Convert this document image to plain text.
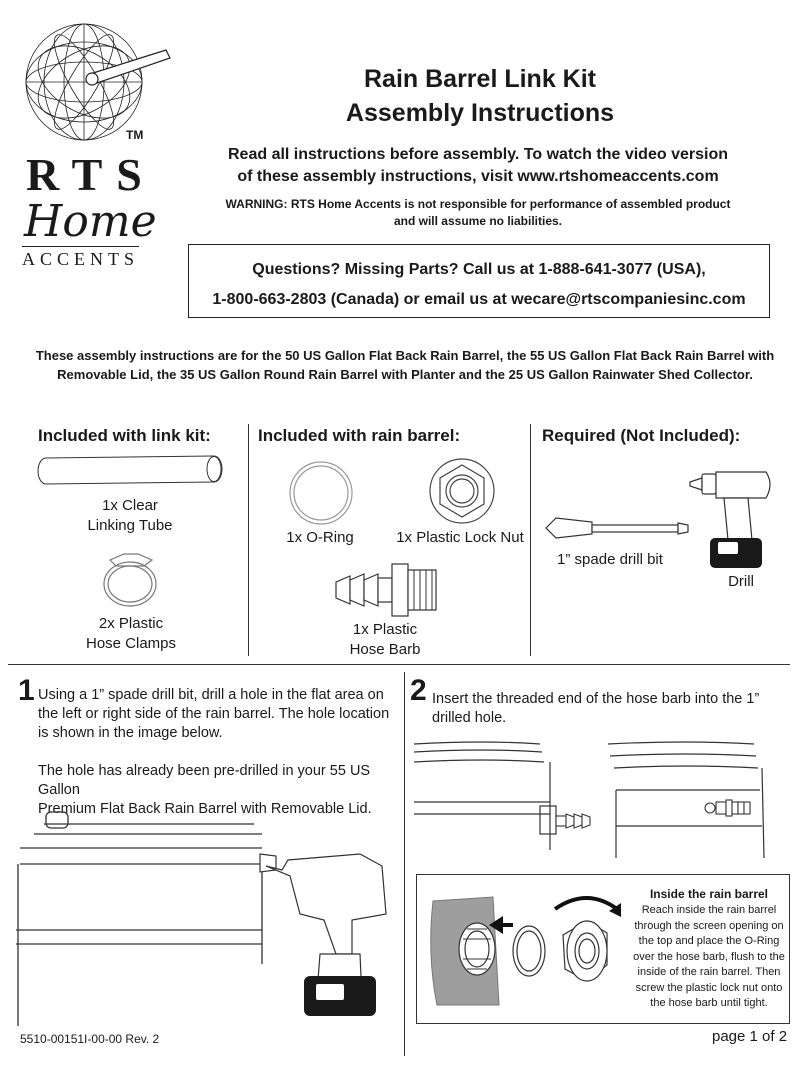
TM
RTS
Home
ACCENTS
Rain Barrel Link Kit
Assembly Instructions
Read all instructions before assembly. To watch the video version
of these assembly instructions, visit www.rtshomeaccents.com
WARNING: RTS Home Accents is not responsible for performance of assembled product
and will assume no liabilities.
Questions? Missing Parts? Call us at 1-888-641-3077 (USA),
1-800-663-2803 (Canada) or email us at wecare@rtscompaniesinc.com
These assembly instructions are for the 50 US Gallon Flat Back Rain Barrel, the 55 US Gallon Flat Back Rain Barrel with
Removable Lid, the 35 US Gallon Round Rain Barrel with Planter and the 25 US Gallon Rainwater Shed Collector.
Included with link kit:	Included with rain barrel:	Required (Not Included):
1x Clear
Linking Tube
2x Plastic
Hose Clamps
1x O-Ring	1x Plastic Lock Nut
1x Plastic
Hose Barb
1” spade drill bit
Drill
1 Using a 1” spade drill bit, drill a hole in the flat area on
the left or right side of the rain barrel. The hole location
is shown in the image below.
The hole has already been pre-drilled in your 55 US Gallon
Premium Flat Back Rain Barrel with Removable Lid.
2 Insert the threaded end of the hose barb into the 1”
drilled hole.
Inside the rain barrel
Reach inside the rain barrel
through the screen opening on
the top and place the O-Ring
over the hose barb, flush to the
inside of the rain barrel. Then
screw the plastic lock nut onto
the hose barb until tight.
5510-00151I-00-00 Rev. 2	page 1 of 2
